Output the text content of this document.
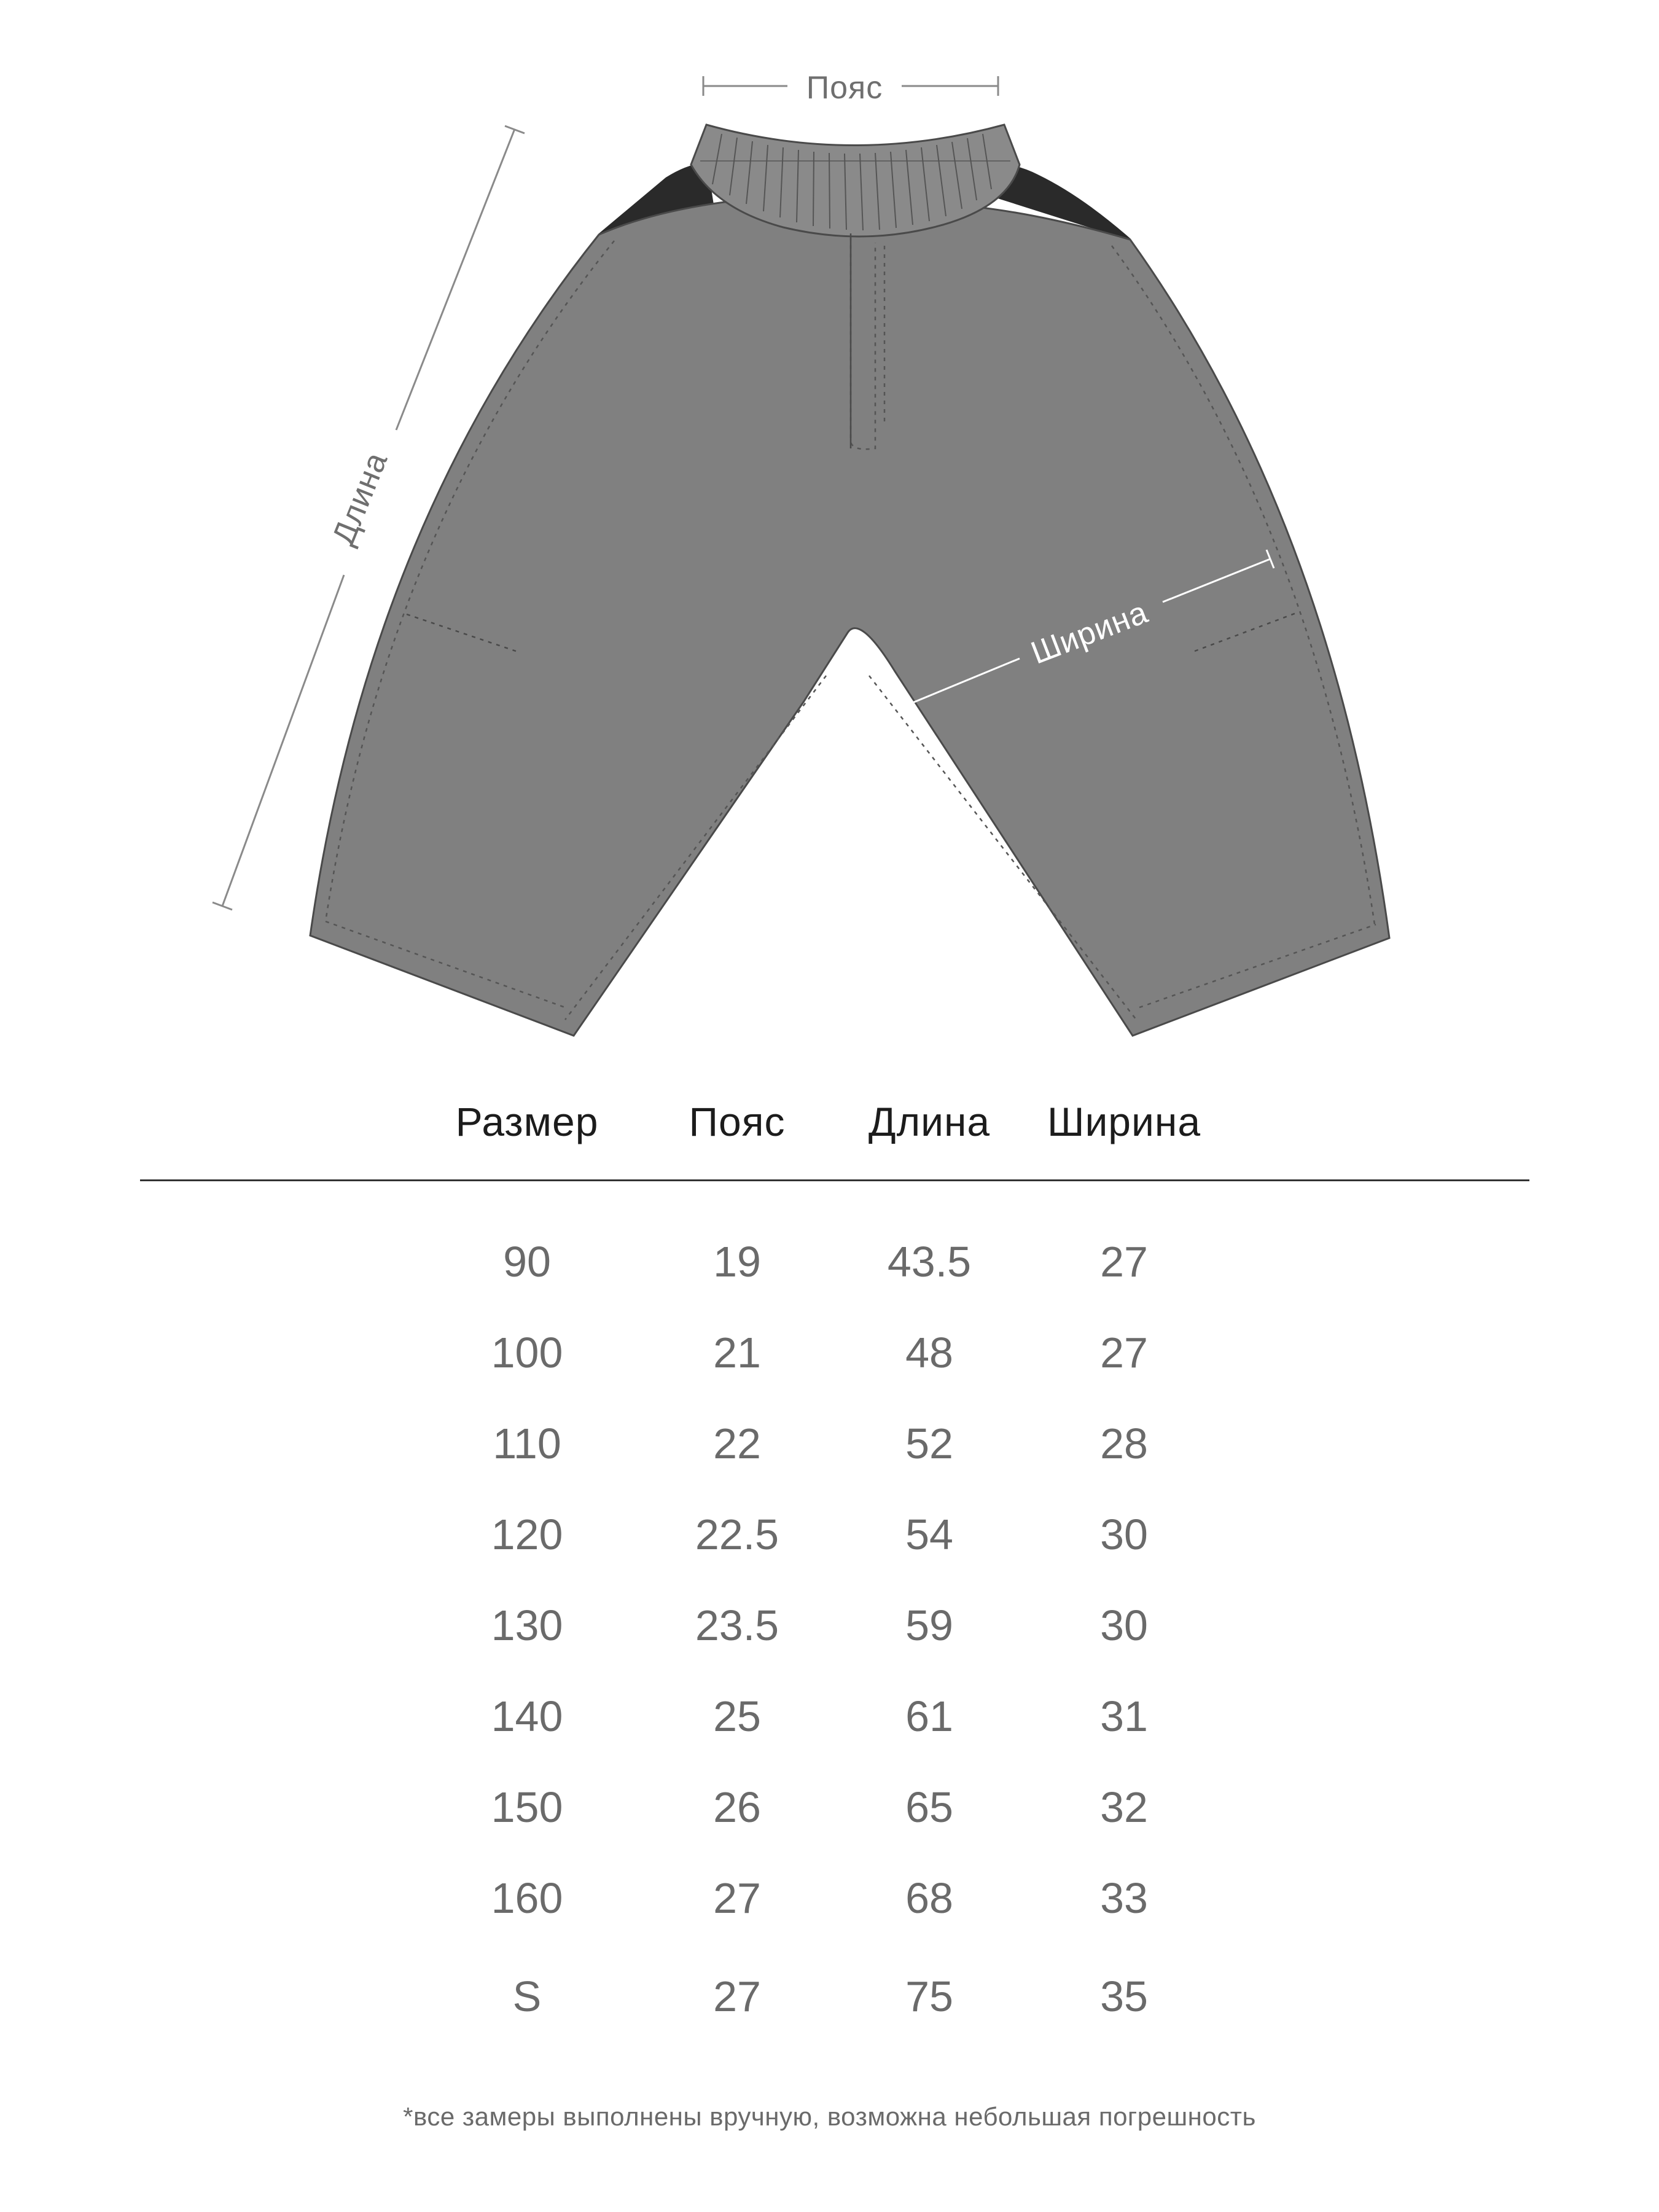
Пояс
Длина
Ширина
Размер Пояс Длина Ширина
90	19	43.5	27
100	21	48	27
110	22	52	28
120	22.5	54	30
130	23.5	59	30
140	25	61	31
150	26	65	32
160	27	68	33
S	27	75	35
*все замеры выполнены вручную, возможна небольшая погрешность
